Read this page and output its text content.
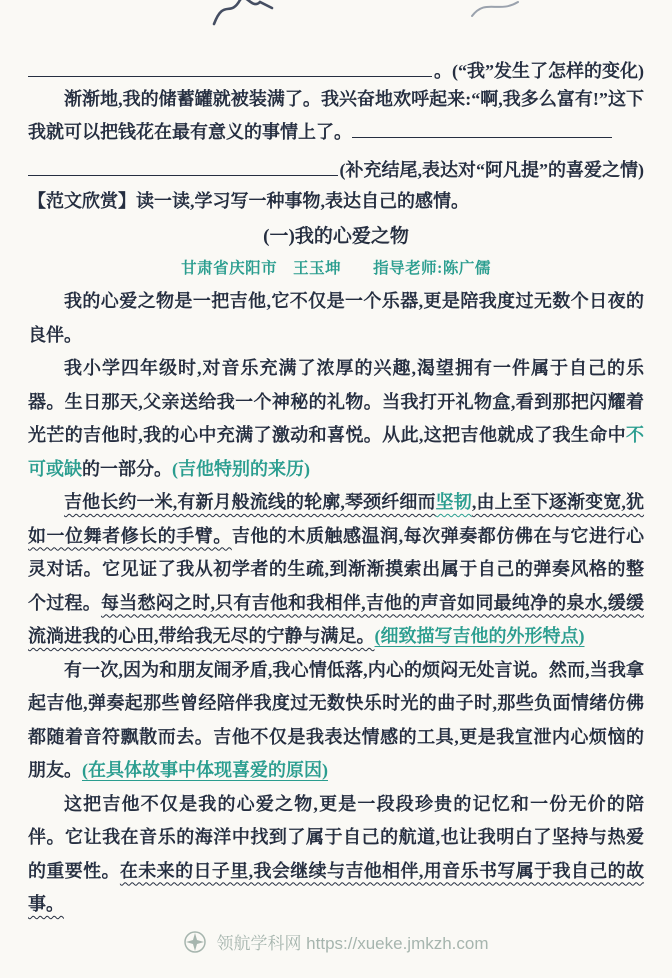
。(“我”发生了怎样的变化)

渐渐地,我的储蓄罐就被装满了。我兴奋地欢呼起来:“啊,我多么富有!”这下我就可以把钱花在最有意义的事情上了。

(补充结尾,表达对“阿凡提”的喜爱之情)

【范文欣赏】读一读,学习写一种事物,表达自己的感情。

(一)我的心爱之物

甘肃省庆阳市　王玉坤　　指导老师:陈广儒

我的心爱之物是一把吉他,它不仅是一个乐器,更是陪我度过无数个日夜的良伴。

我小学四年级时,对音乐充满了浓厚的兴趣,渴望拥有一件属于自己的乐器。生日那天,父亲送给我一个神秘的礼物。当我打开礼物盒,看到那把闪耀着光芒的吉他时,我的心中充满了激动和喜悦。从此,这把吉他就成了我生命中不可或缺的一部分。(吉他特别的来历)

吉他长约一米,有新月般流线的轮廓,琴颈纤细而坚韧,由上至下逐渐变宽,犹如一位舞者修长的手臂。吉他的木质触感温润,每次弹奏都仿佛在与它进行心灵对话。它见证了我从初学者的生疏,到渐渐摸索出属于自己的弹奏风格的整个过程。每当愁闷之时,只有吉他和我相伴,吉他的声音如同最纯净的泉水,缓缓流淌进我的心田,带给我无尽的宁静与满足。(细致描写吉他的外形特点)

有一次,因为和朋友闹矛盾,我心情低落,内心的烦闷无处言说。然而,当我拿起吉他,弹奏起那些曾经陪伴我度过无数快乐时光的曲子时,那些负面情绪仿佛都随着音符飘散而去。吉他不仅是我表达情感的工具,更是我宣泄内心烦恼的朋友。(在具体故事中体现喜爱的原因)

这把吉他不仅是我的心爱之物,更是一段段珍贵的记忆和一份无价的陪伴。它让我在音乐的海洋中找到了属于自己的航道,也让我明白了坚持与热爱的重要性。在未来的日子里,我会继续与吉他相伴,用音乐书写属于我自己的故事。

领航学科网 https://xueke.jmkzh.com
